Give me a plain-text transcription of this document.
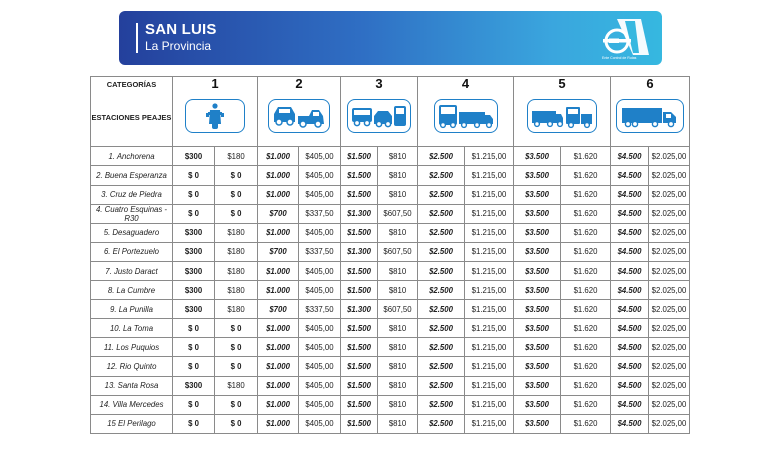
SAN LUIS
La Provincia
Ente Control de Rutas
CATEGORÍAS
ESTACIONES PEAJES	1		2		3		4		5		6	

1. Anchorena	$300	$180	$1.000	$405,00	$1.500	$810	$2.500	$1.215,00	$3.500	$1.620	$4.500	$2.025,00
2. Buena Esperanza	$ 0	$ 0	$1.000	$405,00	$1.500	$810	$2.500	$1.215,00	$3.500	$1.620	$4.500	$2.025,00
3. Cruz de Piedra	$ 0	$ 0	$1.000	$405,00	$1.500	$810	$2.500	$1.215,00	$3.500	$1.620	$4.500	$2.025,00
4. Cuatro Esquinas - R30	$ 0	$ 0	$700	$337,50	$1.300	$607,50	$2.500	$1.215,00	$3.500	$1.620	$4.500	$2.025,00
5. Desaguadero	$300	$180	$1.000	$405,00	$1.500	$810	$2.500	$1.215,00	$3.500	$1.620	$4.500	$2.025,00
6. El Portezuelo	$300	$180	$700	$337,50	$1.300	$607,50	$2.500	$1.215,00	$3.500	$1.620	$4.500	$2.025,00
7. Justo Daract	$300	$180	$1.000	$405,00	$1.500	$810	$2.500	$1.215,00	$3.500	$1.620	$4.500	$2.025,00
8. La Cumbre	$300	$180	$1.000	$405,00	$1.500	$810	$2.500	$1.215,00	$3.500	$1.620	$4.500	$2.025,00
9. La Punilla	$300	$180	$700	$337,50	$1.300	$607,50	$2.500	$1.215,00	$3.500	$1.620	$4.500	$2.025,00
10. La Toma	$ 0	$ 0	$1.000	$405,00	$1.500	$810	$2.500	$1.215,00	$3.500	$1.620	$4.500	$2.025,00
11. Los Puquios	$ 0	$ 0	$1.000	$405,00	$1.500	$810	$2.500	$1.215,00	$3.500	$1.620	$4.500	$2.025,00
12. Rio Quinto	$ 0	$ 0	$1.000	$405,00	$1.500	$810	$2.500	$1.215,00	$3.500	$1.620	$4.500	$2.025,00
13. Santa Rosa	$300	$180	$1.000	$405,00	$1.500	$810	$2.500	$1.215,00	$3.500	$1.620	$4.500	$2.025,00
14. Villa Mercedes	$ 0	$ 0	$1.000	$405,00	$1.500	$810	$2.500	$1.215,00	$3.500	$1.620	$4.500	$2.025,00
15 El Perilago	$ 0	$ 0	$1.000	$405,00	$1.500	$810	$2.500	$1.215,00	$3.500	$1.620	$4.500	$2.025,00
